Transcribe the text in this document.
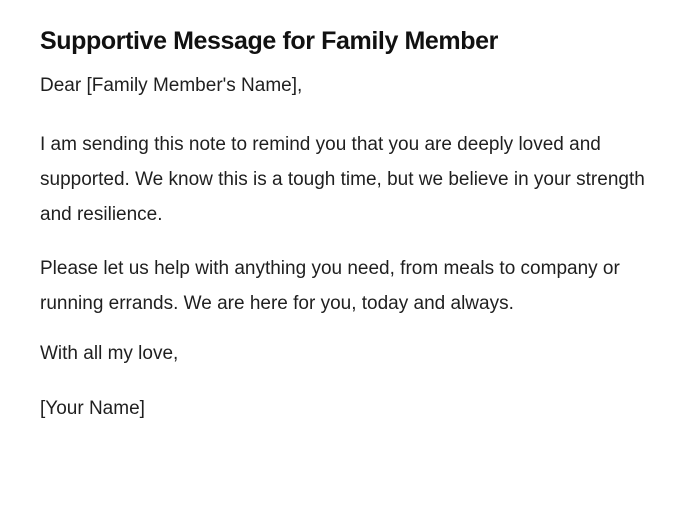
Supportive Message for Family Member

Dear [Family Member's Name],

I am sending this note to remind you that you are deeply loved and supported. We know this is a tough time, but we believe in your strength and resilience.

Please let us help with anything you need, from meals to company or running errands. We are here for you, today and always.

With all my love,

[Your Name]
